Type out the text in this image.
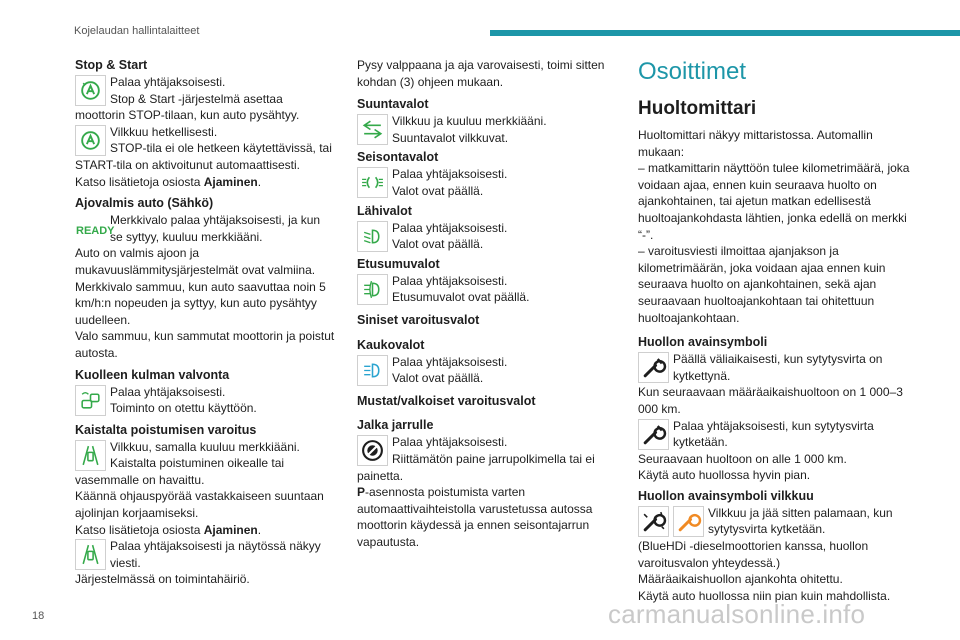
Kojelaudan hallintalaitteet

Stop & Start

Palaa yhtäjaksoisesti.

Stop & Start -järjestelmä asettaa

moottorin STOP-tilaan, kun auto pysähtyy.

Vilkkuu hetkellisesti.

STOP-tila ei ole hetkeen käytettävissä, tai

START-tila on aktivoitunut automaattisesti.

Katso lisätietoja osiosta Ajaminen.

Ajovalmis auto (Sähkö)

READY

Merkkivalo palaa yhtäjaksoisesti, ja kun

se syttyy, kuuluu merkkiääni.

Auto on valmis ajoon ja mukavuuslämmitysjärjestelmät ovat valmiina. Merkkivalo sammuu, kun auto saavuttaa noin 5 km/h:n nopeuden ja syttyy, kun auto pysähtyy uudelleen.

Valo sammuu, kun sammutat moottorin ja poistut autosta.

Kuolleen kulman valvonta

Palaa yhtäjaksoisesti.

Toiminto on otettu käyttöön.

Kaistalta poistumisen varoitus

Vilkkuu, samalla kuuluu merkkiääni.

Kaistalta poistuminen oikealle tai

vasemmalle on havaittu.

Käännä ohjauspyörää vastakkaiseen suuntaan ajolinjan korjaamiseksi.

Katso lisätietoja osiosta Ajaminen.

Palaa yhtäjaksoisesti ja näytössä näkyy

viesti.

Järjestelmässä on toimintahäiriö.

Pysy valppaana ja aja varovaisesti, toimi sitten kohdan (3) ohjeen mukaan.

Suuntavalot

Vilkkuu ja kuuluu merkkiääni.

Suuntavalot vilkkuvat.

Seisontavalot

Palaa yhtäjaksoisesti.

Valot ovat päällä.

Lähivalot

Palaa yhtäjaksoisesti.

Valot ovat päällä.

Etusumuvalot

Palaa yhtäjaksoisesti.

Etusumuvalot ovat päällä.

Siniset varoitusvalot

Kaukovalot

Palaa yhtäjaksoisesti.

Valot ovat päällä.

Mustat/valkoiset varoitusvalot

Jalka jarrulle

Palaa yhtäjaksoisesti.

Riittämätön paine jarrupolkimella tai ei

painetta.

P-asennosta poistumista varten automaattivaihteistolla varustetussa autossa moottorin käydessä ja ennen seisontajarrun vapautusta.

Osoittimet

Huoltomittari

Huoltomittari näkyy mittaristossa. Automallin mukaan:

– matkamittarin näyttöön tulee kilometrimäärä, joka voidaan ajaa, ennen kuin seuraava huolto on ajankohtainen, tai ajetun matkan edellisestä huoltoajankohdasta lähtien, jonka edellä on merkki “-”.

– varoitusviesti ilmoittaa ajanjakson ja kilometrimäärän, joka voidaan ajaa ennen kuin seuraava huolto on ajankohtainen, sekä ajan seuraavaan huoltoajankohtaan tai ohitettuun huoltoajankohtaan.

Huollon avainsymboli

Päällä väliaikaisesti, kun sytytysvirta on

kytkettynä.

Kun seuraavaan määräaikaishuoltoon on 1 000–3 000 km.

Palaa yhtäjaksoisesti, kun sytytysvirta

kytketään.

Seuraavaan huoltoon on alle 1 000 km.

Käytä auto huollossa hyvin pian.

Huollon avainsymboli vilkkuu

Vilkkuu ja jää sitten palamaan, kun

sytytysvirta kytketään.

(BlueHDi -dieselmoottorien kanssa, huollon varoitusvalon yhteydessä.)

Määräaikaishuollon ajankohta ohitettu.

Käytä auto huollossa niin pian kuin mahdollista.

18	carmanualsonline.info
